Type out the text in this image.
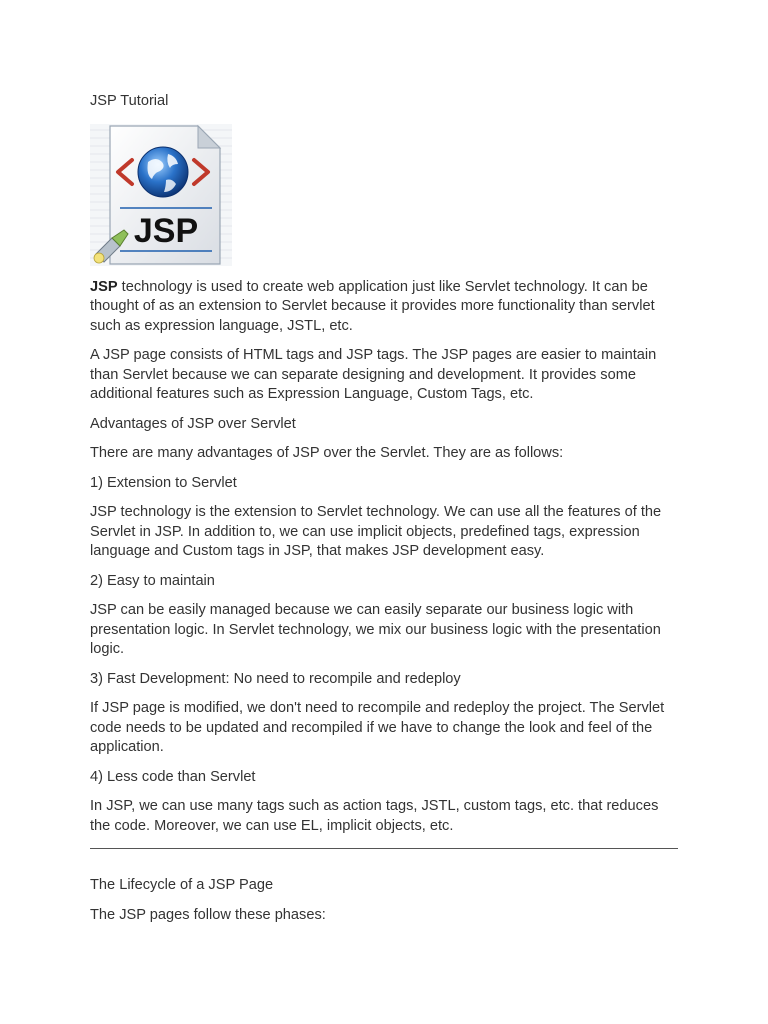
JSP Tutorial

JSP

JSP technology is used to create web application just like Servlet technology. It can be thought of as an extension to Servlet because it provides more functionality than servlet such as expression language, JSTL, etc.

A JSP page consists of HTML tags and JSP tags. The JSP pages are easier to maintain than Servlet because we can separate designing and development. It provides some additional features such as Expression Language, Custom Tags, etc.

Advantages of JSP over Servlet

There are many advantages of JSP over the Servlet. They are as follows:

1) Extension to Servlet

JSP technology is the extension to Servlet technology. We can use all the features of the Servlet in JSP. In addition to, we can use implicit objects, predefined tags, expression language and Custom tags in JSP, that makes JSP development easy.

2) Easy to maintain

JSP can be easily managed because we can easily separate our business logic with presentation logic. In Servlet technology, we mix our business logic with the presentation logic.

3) Fast Development: No need to recompile and redeploy

If JSP page is modified, we don't need to recompile and redeploy the project. The Servlet code needs to be updated and recompiled if we have to change the look and feel of the application.

4) Less code than Servlet

In JSP, we can use many tags such as action tags, JSTL, custom tags, etc. that reduces the code. Moreover, we can use EL, implicit objects, etc.

The Lifecycle of a JSP Page

The JSP pages follow these phases:
